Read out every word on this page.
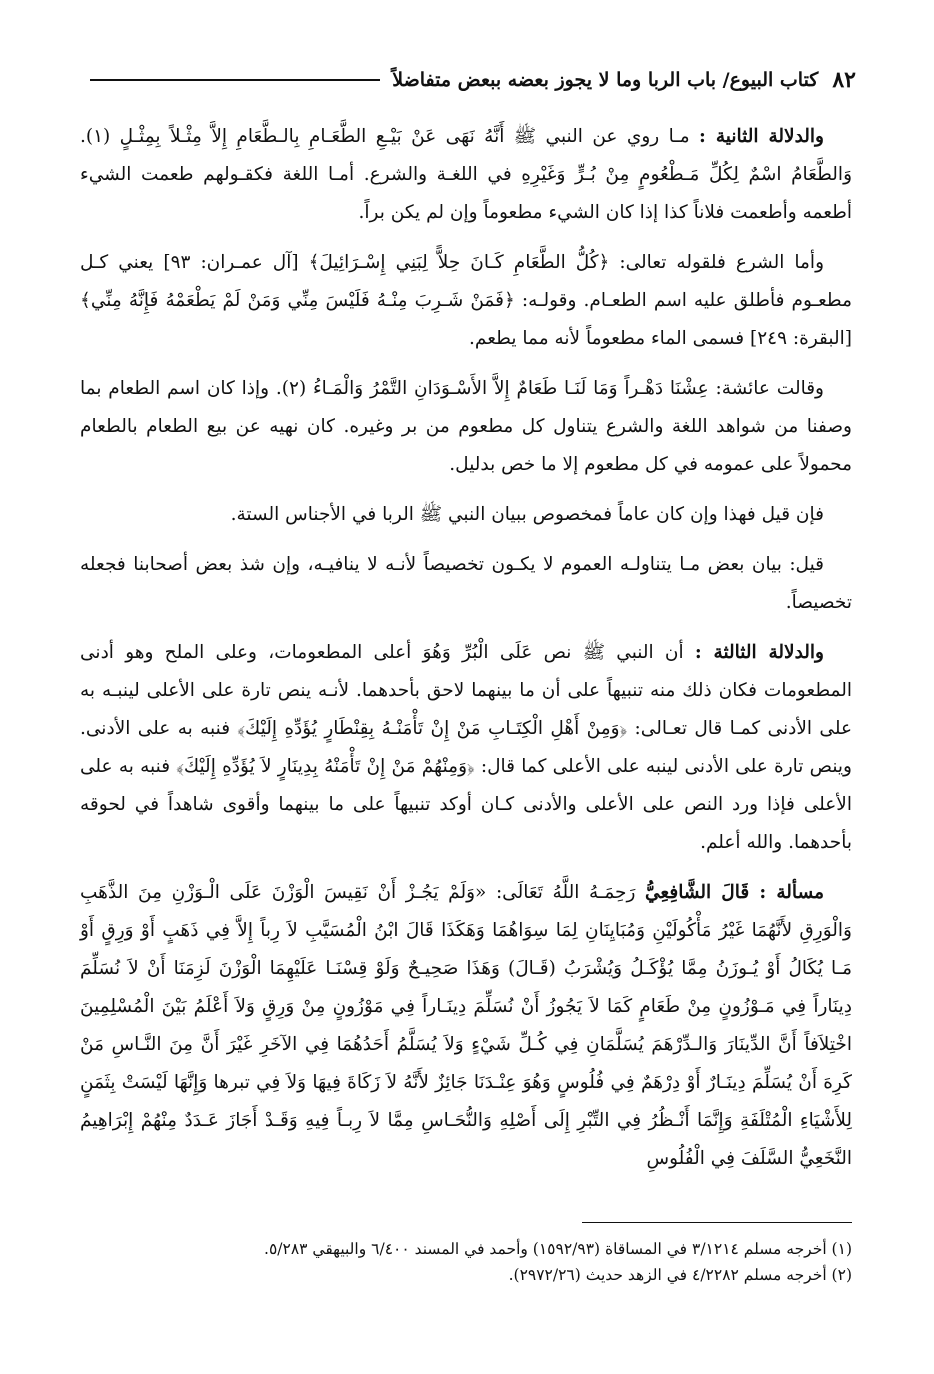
٨٢
كتاب البيوع/ باب الربا وما لا يجوز بعضه ببعض متفاضلاً

والدلالة الثانية : مـا روي عن النبي ﷺ أَنَّهُ نَهَى عَنْ بَيْـعِ الطَّعَـامِ بِالـطَّعَامِ إِلاَّ مِثْـلاً بِمِثْـلٍ (١). وَالطَّعَامُ اسْمٌ لِكُلِّ مَـطْعُومٍ مِنْ بُـرٍّ وَغَيْرِهِ في اللغـة والشرع. أمـا اللغة فكقـولهم طعمت الشيء أطعمه وأطعمت فلاناً كذا إذا كان الشيء مطعوماً وإن لم يكن براً.

وأما الشرع فلقوله تعالى: ﴿كُلُّ الطَّعَامِ كَـانَ حِلاًّ لِبَنِي إِسْـرَائِيلَ﴾ [آل عمـران: ٩٣] يعني كـل مطعـوم فأطلق عليه اسم الطعـام. وقولـه: ﴿فَمَنْ شَـرِبَ مِنْـهُ فَلَيْسَ مِنِّي وَمَنْ لَمْ يَطْعَمْهُ فَإِنَّهُ مِنِّي﴾ [البقرة: ٢٤٩] فسمى الماء مطعوماً لأنه مما يطعم.

وقالت عائشة: عِشْنَا دَهْـراً وَمَا لَنَـا طَعَامٌ إِلاَّ الأَسْـوَدَانِ التَّمْرُ وَالْمَـاءُ (٢). وإذا كان اسم الطعام بما وصفنا من شواهد اللغة والشرع يتناول كل مطعوم من بر وغيره. كان نهيه عن بيع الطعام بالطعام محمولاً على عمومه في كل مطعوم إلا ما خص بدليل.

فإن قيل فهذا وإن كان عاماً فمخصوص ببيان النبي ﷺ الربا في الأجناس الستة.

قيل: بيان بعض مـا يتناولـه العموم لا يكـون تخصيصاً لأنـه لا ينافيـه، وإن شذ بعض أصحابنا فجعله تخصيصاً.

والدلالة الثالثة : أن النبي ﷺ نص عَلَى الْبُرِّ وَهُوَ أعلى المطعومات، وعلى الملح وهو أدنى المطعومات فكان ذلك منه تنبيهاً على أن ما بينهما لاحق بأحدهما. لأنـه ينص تارة على الأعلى لينبـه به على الأدنى كمـا قال تعـالى: ﴿وَمِنْ أَهْلِ الْكِتَـابِ مَنْ إِنْ تَأْمَنْـهُ بِقِنْطَارٍ يُؤَدِّهِ إِلَيْكَ﴾ فنبه به على الأدنى. وينص تارة على الأدنى لينبه على الأعلى كما قال: ﴿وَمِنْهُمْ مَنْ إِنْ تَأْمَنْهُ بِدِينَارٍ لاَ يُؤَدِّهِ إِلَيْكَ﴾ فنبه به على الأعلى فإذا ورد النص على الأعلى والأدنى كـان أوكد تنبيهاً على ما بينهما وأقوى شاهداً في لحوقه بأحدهما. والله أعلم.

مسألة : قَالَ الشَّافِعِيُّ رَحِمَـهُ اللَّهُ تَعَالَى: «وَلَمْ يَجُـزْ أَنْ نَقِيسَ الْوَزْنَ عَلَى الْـوَزْنِ مِنَ الذَّهَبِ وَالْوَرِقِ لأَنَّهُمَا غَيْرُ مَأْكُولَيْنِ وَمُبَايِنَانِ لِمَا سِوَاهُمَا وَهَكَذَا قَالَ ابْنُ الْمُسَيَّبِ لاَ رِباً إِلاَّ فِي ذَهَبٍ أَوْ وَرِقٍ أَوْ مَـا يُكَالُ أَوْ يُـوزَنُ مِمَّا يُؤْكَـلُ وَيُشْرَبُ (قَـالَ) وَهَذَا صَحِيـحٌ وَلَوْ قِسْنَـا عَلَيْهِمَا الْوَزْنَ لَزِمَنَا أَنْ لاَ نُسَلِّمَ دِينَاراً فِي مَـوْزُونٍ مِنْ طَعَامٍ كَمَا لاَ يَجُوزُ أَنْ نُسَلِّمَ دِينَـاراً فِي مَوْزُونٍ مِنْ وَرِقٍ وَلاَ أَعْلَمُ بَيْنَ الْمُسْلِمِينَ اخْتِلاَفاً أَنَّ الدِّينَارَ وَالـدِّرْهَمَ يُسَلَّمَانِ فِي كُـلِّ شَيْءٍ وَلاَ يُسَلَّمُ أَحَدُهُمَا فِي الآخَرِ غَيْرَ أَنَّ مِنَ النَّـاسِ مَنْ كَرِهَ أَنْ يُسَلِّمَ دِينَـارٌ أَوْ دِرْهَمٌ فِي فُلُوسٍ وَهُوَ عِنْـدَنَا جَائِزٌ لأَنَّهُ لاَ زَكَاةَ فِيهَا وَلاَ فِي تبرها وَإِنَّهَا لَيْسَتْ بِثَمَنٍ لِلأَشْيَاءِ الْمُتْلَفَةِ وَإِنَّمَا أَنْـظُرُ فِي التِّبْرِ إِلَى أَصْلِهِ وَالنُّحَـاسِ مِمَّا لاَ رِبـاً فِيهِ وَقَـدْ أَجَازَ عَـدَدٌ مِنْهُمْ إِبْرَاهِيمُ النَّخَعِيُّ السَّلَفَ فِي الْفُلُوسِ

(١) أخرجه مسلم ٣/١٢١٤ في المساقاة (١٥٩٢/٩٣) وأحمد في المسند ٦/٤٠٠ والبيهقي ٥/٢٨٣.
(٢) أخرجه مسلم ٤/٢٢٨٢ في الزهد حديث (٢٩٧٢/٢٦).
